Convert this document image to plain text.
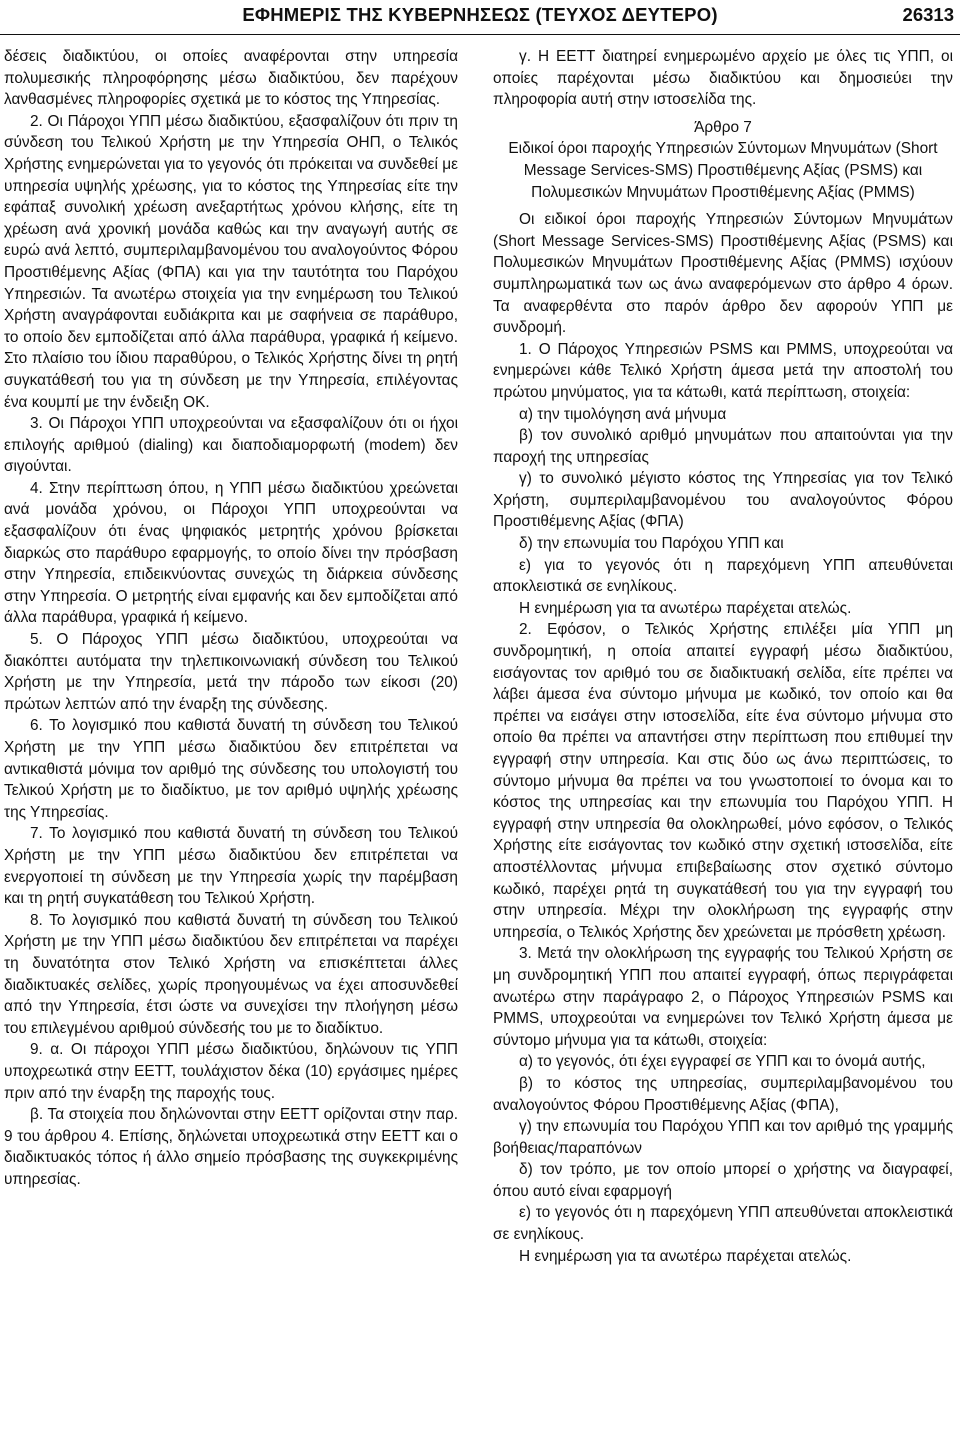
ΕΦΗΜΕΡΙΣ ΤΗΣ ΚΥΒΕΡΝΗΣΕΩΣ (ΤΕΥΧΟΣ ΔΕΥΤΕΡΟ)	26313

δέσεις διαδικτύου, οι οποίες αναφέρονται στην υπηρεσία πολυμεσικής πληροφόρησης μέσω διαδικτύου, δεν παρέχουν λανθασμένες πληροφορίες σχετικά με το κόστος της Υπηρεσίας.

2. Οι Πάροχοι ΥΠΠ μέσω διαδικτύου, εξασφαλίζουν ότι πριν τη σύνδεση του Τελικού Χρήστη με την Υπηρεσία ΟΗΠ, ο Τελικός Χρήστης ενημερώνεται για το γεγονός ότι πρόκειται να συνδεθεί με υπηρεσία υψηλής χρέωσης, για το κόστος της Υπηρεσίας είτε την εφάπαξ συνολική χρέωση ανεξαρτήτως χρόνου κλήσης, είτε τη χρέωση ανά χρονική μονάδα καθώς και την αναγωγή αυτής σε ευρώ ανά λεπτό, συμπεριλαμβανομένου του αναλογούντος Φόρου Προστιθέμενης Αξίας (ΦΠΑ) και για την ταυτότητα του Παρόχου Υπηρεσιών. Τα ανωτέρω στοιχεία για την ενημέρωση του Τελικού Χρήστη αναγράφονται ευδιάκριτα και με σαφήνεια σε παράθυρο, το οποίο δεν εμποδίζεται από άλλα παράθυρα, γραφικά ή κείμενο. Στο πλαίσιο του ίδιου παραθύρου, ο Τελικός Χρήστης δίνει τη ρητή συγκατάθεσή του για τη σύνδεση με την Υπηρεσία, επιλέγοντας ένα κουμπί με την ένδειξη ΟΚ.

3. Οι Πάροχοι ΥΠΠ υποχρεούνται να εξασφαλίζουν ότι οι ήχοι επιλογής αριθμού (dialing) και διαποδιαμορφωτή (modem) δεν σιγούνται.

4. Στην περίπτωση όπου, η ΥΠΠ μέσω διαδικτύου χρεώνεται ανά μονάδα χρόνου, οι Πάροχοι ΥΠΠ υποχρεούνται να εξασφαλίζουν ότι ένας ψηφιακός μετρητής χρόνου βρίσκεται διαρκώς στο παράθυρο εφαρμογής, το οποίο δίνει την πρόσβαση στην Υπηρεσία, επιδεικνύοντας συνεχώς τη διάρκεια σύνδεσης στην Υπηρεσία. Ο μετρητής είναι εμφανής και δεν εμποδίζεται από άλλα παράθυρα, γραφικά ή κείμενο.

5. Ο Πάροχος ΥΠΠ μέσω διαδικτύου, υποχρεούται να διακόπτει αυτόματα την τηλεπικοινωνιακή σύνδεση του Τελικού Χρήστη με την Υπηρεσία, μετά την πάροδο των είκοσι (20) πρώτων λεπτών από την έναρξη της σύνδεσης.

6. Το λογισμικό που καθιστά δυνατή τη σύνδεση του Τελικού Χρήστη με την ΥΠΠ μέσω διαδικτύου δεν επιτρέπεται να αντικαθιστά μόνιμα τον αριθμό της σύνδεσης του υπολογιστή του Τελικού Χρήστη με το διαδίκτυο, με τον αριθμό υψηλής χρέωσης της Υπηρεσίας.

7. Το λογισμικό που καθιστά δυνατή τη σύνδεση του Τελικού Χρήστη με την ΥΠΠ μέσω διαδικτύου δεν επιτρέπεται να ενεργοποιεί τη σύνδεση με την Υπηρεσία χωρίς την παρέμβαση και τη ρητή συγκατάθεση του Τελικού Χρήστη.

8. Το λογισμικό που καθιστά δυνατή τη σύνδεση του Τελικού Χρήστη με την ΥΠΠ μέσω διαδικτύου δεν επιτρέπεται να παρέχει τη δυνατότητα στον Τελικό Χρήστη να επισκέπτεται άλλες διαδικτυακές σελίδες, χωρίς προηγουμένως να έχει αποσυνδεθεί από την Υπηρεσία, έτσι ώστε να συνεχίσει την πλοήγηση μέσω του επιλεγμένου αριθμού σύνδεσής του με το διαδίκτυο.

9. α. Οι πάροχοι ΥΠΠ μέσω διαδικτύου, δηλώνουν τις ΥΠΠ υποχρεωτικά στην ΕΕΤΤ, τουλάχιστον δέκα (10) εργάσιμες ημέρες πριν από την έναρξη της παροχής τους.

β. Τα στοιχεία που δηλώνονται στην ΕΕΤΤ ορίζονται στην παρ. 9 του άρθρου 4. Επίσης, δηλώνεται υποχρεωτικά στην ΕΕΤΤ και ο διαδικτυακός τόπος ή άλλο σημείο πρόσβασης της συγκεκριμένης υπηρεσίας.

γ. Η ΕΕΤΤ διατηρεί ενημερωμένο αρχείο με όλες τις ΥΠΠ, οι οποίες παρέχονται μέσω διαδικτύου και δημοσιεύει την πληροφορία αυτή στην ιστοσελίδα της.

Άρθρο 7

Ειδικοί όροι παροχής Υπηρεσιών Σύντομων Μηνυμάτων (Short Message Services-SMS) Προστιθέμενης Αξίας (PSMS) και Πολυμεσικών Μηνυμάτων Προστιθέμενης Αξίας (PMMS)

Οι ειδικοί όροι παροχής Υπηρεσιών Σύντομων Μηνυμάτων (Short Message Services-SMS) Προστιθέμενης Αξίας (PSMS) και Πολυμεσικών Μηνυμάτων Προστιθέμενης Αξίας (PMMS) ισχύουν συμπληρωματικά των ως άνω αναφερόμενων στο άρθρο 4 όρων. Τα αναφερθέντα στο παρόν άρθρο δεν αφορούν ΥΠΠ με συνδρομή.

1. Ο Πάροχος Υπηρεσιών PSMS και PMMS, υποχρεούται να ενημερώνει κάθε Τελικό Χρήστη άμεσα μετά την αποστολή του πρώτου μηνύματος, για τα κάτωθι, κατά περίπτωση, στοιχεία:

α) την τιμολόγηση ανά μήνυμα

β) τον συνολικό αριθμό μηνυμάτων που απαιτούνται για την παροχή της υπηρεσίας

γ) το συνολικό μέγιστο κόστος της Υπηρεσίας για τον Τελικό Χρήστη, συμπεριλαμβανομένου του αναλογούντος Φόρου Προστιθέμενης Αξίας (ΦΠΑ)

δ) την επωνυμία του Παρόχου ΥΠΠ και

ε) για το γεγονός ότι η παρεχόμενη ΥΠΠ απευθύνεται αποκλειστικά σε ενηλίκους.

Η ενημέρωση για τα ανωτέρω παρέχεται ατελώς.

2. Εφόσον, ο Τελικός Χρήστης επιλέξει μία ΥΠΠ μη συνδρομητική, η οποία απαιτεί εγγραφή μέσω διαδικτύου, εισάγοντας τον αριθμό του σε διαδικτυακή σελίδα, είτε πρέπει να λάβει άμεσα ένα σύντομο μήνυμα με κωδικό, τον οποίο και θα πρέπει να εισάγει στην ιστοσελίδα, είτε ένα σύντομο μήνυμα στο οποίο θα πρέπει να απαντήσει στην περίπτωση που επιθυμεί την εγγραφή στην υπηρεσία. Και στις δύο ως άνω περιπτώσεις, το σύντομο μήνυμα θα πρέπει να του γνωστοποιεί το όνομα και το κόστος της υπηρεσίας και την επωνυμία του Παρόχου ΥΠΠ. Η εγγραφή στην υπηρεσία θα ολοκληρωθεί, μόνο εφόσον, ο Τελικός Χρήστης είτε εισάγοντας τον κωδικό στην σχετική ιστοσελίδα, είτε αποστέλλοντας μήνυμα επιβεβαίωσης στον σχετικό σύντομο κωδικό, παρέχει ρητά τη συγκατάθεσή του για την εγγραφή του στην υπηρεσία. Μέχρι την ολοκλήρωση της εγγραφής στην υπηρεσία, ο Τελικός Χρήστης δεν χρεώνεται με πρόσθετη χρέωση.

3. Μετά την ολοκλήρωση της εγγραφής του Τελικού Χρήστη σε μη συνδρομητική ΥΠΠ που απαιτεί εγγραφή, όπως περιγράφεται ανωτέρω στην παράγραφο 2, ο Πάροχος Υπηρεσιών PSMS και PMMS, υποχρεούται να ενημερώνει τον Τελικό Χρήστη άμεσα με σύντομο μήνυμα για τα κάτωθι, στοιχεία:

α) το γεγονός, ότι έχει εγγραφεί σε ΥΠΠ και το όνομά αυτής,

β) το κόστος της υπηρεσίας, συμπεριλαμβανομένου του αναλογούντος Φόρου Προστιθέμενης Αξίας (ΦΠΑ),

γ) την επωνυμία του Παρόχου ΥΠΠ και τον αριθμό της γραμμής βοήθειας/παραπόνων

δ) τον τρόπο, με τον οποίο μπορεί ο χρήστης να διαγραφεί, όπου αυτό είναι εφαρμογή

ε) το γεγονός ότι η παρεχόμενη ΥΠΠ απευθύνεται αποκλειστικά σε ενηλίκους.

Η ενημέρωση για τα ανωτέρω παρέχεται ατελώς.
